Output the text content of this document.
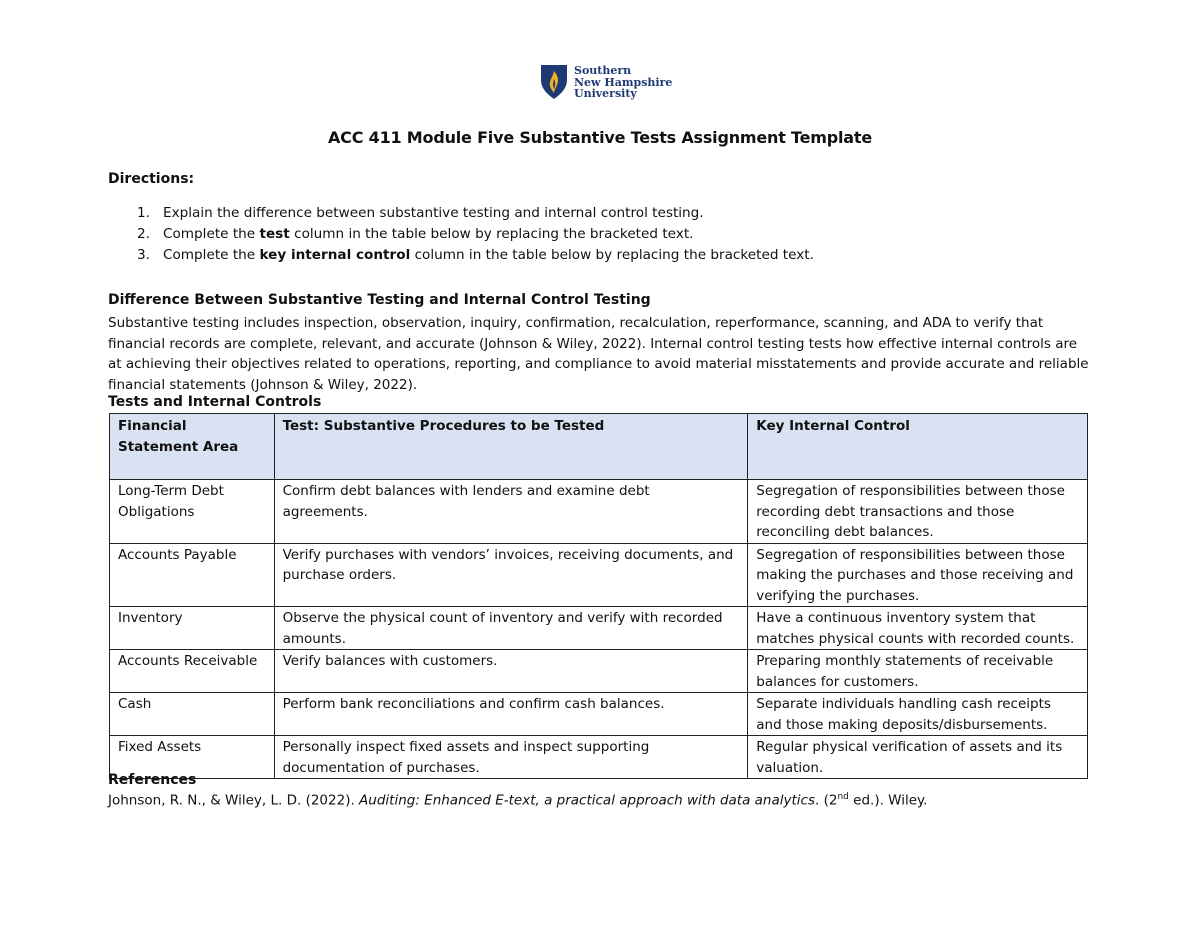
Southern
New Hampshire
University
ACC 411 Module Five Substantive Tests Assignment Template
Directions:
1. Explain the difference between substantive testing and internal control testing.
2. Complete the test column in the table below by replacing the bracketed text.
3. Complete the key internal control column in the table below by replacing the bracketed text.
Difference Between Substantive Testing and Internal Control Testing
Substantive testing includes inspection, observation, inquiry, confirmation, recalculation, reperformance, scanning, and ADA to verify that financial records are complete, relevant, and accurate (Johnson & Wiley, 2022). Internal control testing tests how effective internal controls are at achieving their objectives related to operations, reporting, and compliance to avoid material misstatements and provide accurate and reliable financial statements (Johnson & Wiley, 2022).
Tests and Internal Controls
Financial Statement Area	Test: Substantive Procedures to be Tested	Key Internal Control
Long-Term Debt Obligations	Confirm debt balances with lenders and examine debt agreements.	Segregation of responsibilities between those recording debt transactions and those reconciling debt balances.
Accounts Payable	Verify purchases with vendors’ invoices, receiving documents, and purchase orders.	Segregation of responsibilities between those making the purchases and those receiving and verifying the purchases.
Inventory	Observe the physical count of inventory and verify with recorded amounts.	Have a continuous inventory system that matches physical counts with recorded counts.
Accounts Receivable	Verify balances with customers.	Preparing monthly statements of receivable balances for customers.
Cash	Perform bank reconciliations and confirm cash balances.	Separate individuals handling cash receipts and those making deposits/disbursements.
Fixed Assets	Personally inspect fixed assets and inspect supporting documentation of purchases.	Regular physical verification of assets and its valuation.
References
Johnson, R. N., & Wiley, L. D. (2022). Auditing: Enhanced E-text, a practical approach with data analytics. (2nd ed.). Wiley.
